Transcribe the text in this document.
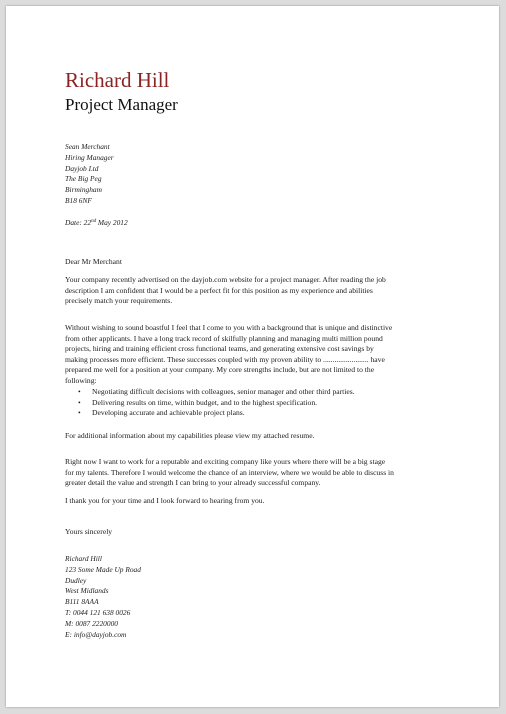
Richard Hill
Project Manager
Sean Merchant
Hiring Manager
Dayjob Ltd
The Big Peg
Birmingham
B18 6NF
Date: 22nd May 2012
Dear Mr Merchant
Your company recently advertised on the dayjob.com website for a project manager. After reading the job
description I am confident that I would be a perfect fit for this position as my experience and abilities
precisely match your requirements.
Without wishing to sound boastful I feel that I come to you with a background that is unique and distinctive
from other applicants. I have a long track record of skilfully planning and managing multi million pound
projects, hiring and training efficient cross functional teams, and generating extensive cost savings by
making processes more efficient. These successes coupled with my proven ability to ........................ have
prepared me well for a position at your company. My core strengths include, but are not limited to the
following:
• Negotiating difficult decisions with colleagues, senior manager and other third parties.
• Delivering results on time, within budget, and to the highest specification.
• Developing accurate and achievable project plans.
For additional information about my capabilities please view my attached resume.
Right now I want to work for a reputable and exciting company like yours where there will be a big stage
for my talents. Therefore I would welcome the chance of an interview, where we would be able to discuss in
greater detail the value and strength I can bring to your already successful company.
I thank you for your time and I look forward to hearing from you.
Yours sincerely
Richard Hill
123 Some Made Up Road
Dudley
West Midlands
B111 8AAA
T: 0044 121 638 0026
M: 0087 2220000
E: info@dayjob.com
